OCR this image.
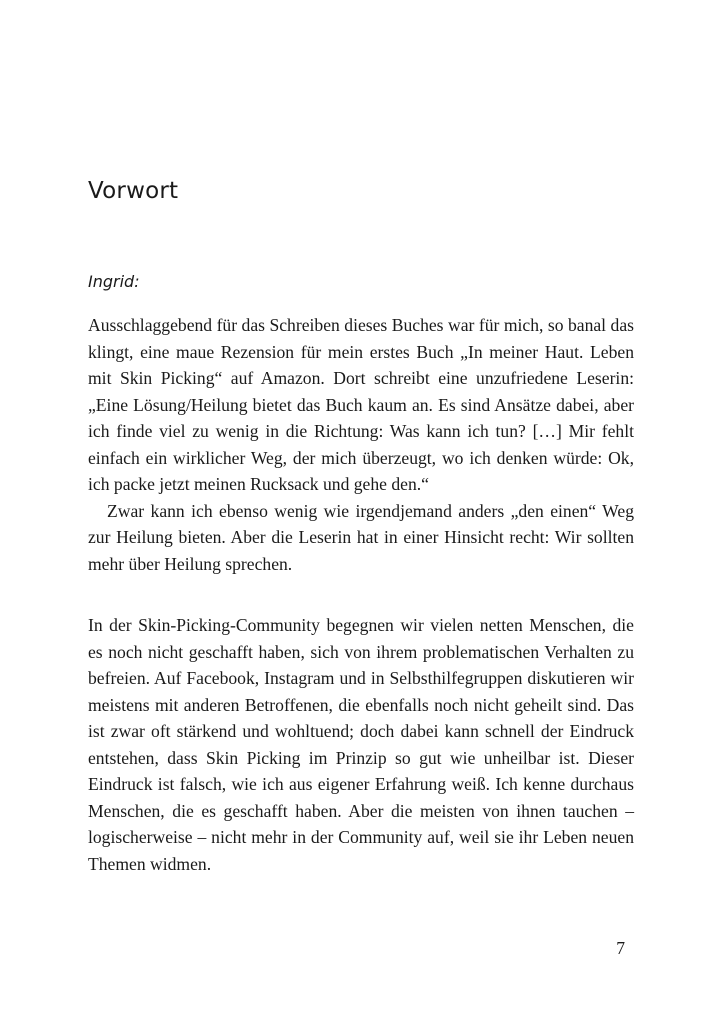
Vorwort

Ingrid:

Ausschlaggebend für das Schreiben dieses Buches war für mich, so banal das klingt, eine maue Rezension für mein erstes Buch „In meiner Haut. Leben mit Skin Picking“ auf Amazon. Dort schreibt eine unzufriedene Leserin: „Eine Lösung/Heilung bietet das Buch kaum an. Es sind Ansätze dabei, aber ich finde viel zu wenig in die Richtung: Was kann ich tun? […] Mir fehlt einfach ein wirklicher Weg, der mich überzeugt, wo ich denken würde: Ok, ich packe jetzt meinen Rucksack und gehe den.“

Zwar kann ich ebenso wenig wie irgendjemand anders „den einen“ Weg zur Heilung bieten. Aber die Leserin hat in einer Hinsicht recht: Wir sollten mehr über Heilung sprechen.

In der Skin-Picking-Community begegnen wir vielen netten Menschen, die es noch nicht geschafft haben, sich von ihrem problematischen Verhalten zu befreien. Auf Facebook, Instagram und in Selbsthilfegruppen diskutieren wir meistens mit anderen Betroffenen, die ebenfalls noch nicht geheilt sind. Das ist zwar oft stärkend und wohltuend; doch dabei kann schnell der Eindruck entstehen, dass Skin Picking im Prinzip so gut wie unheilbar ist. Dieser Eindruck ist falsch, wie ich aus eigener Erfahrung weiß. Ich kenne durchaus Menschen, die es geschafft haben. Aber die meisten von ihnen tauchen – logischerweise – nicht mehr in der Community auf, weil sie ihr Leben neuen Themen widmen.

7
